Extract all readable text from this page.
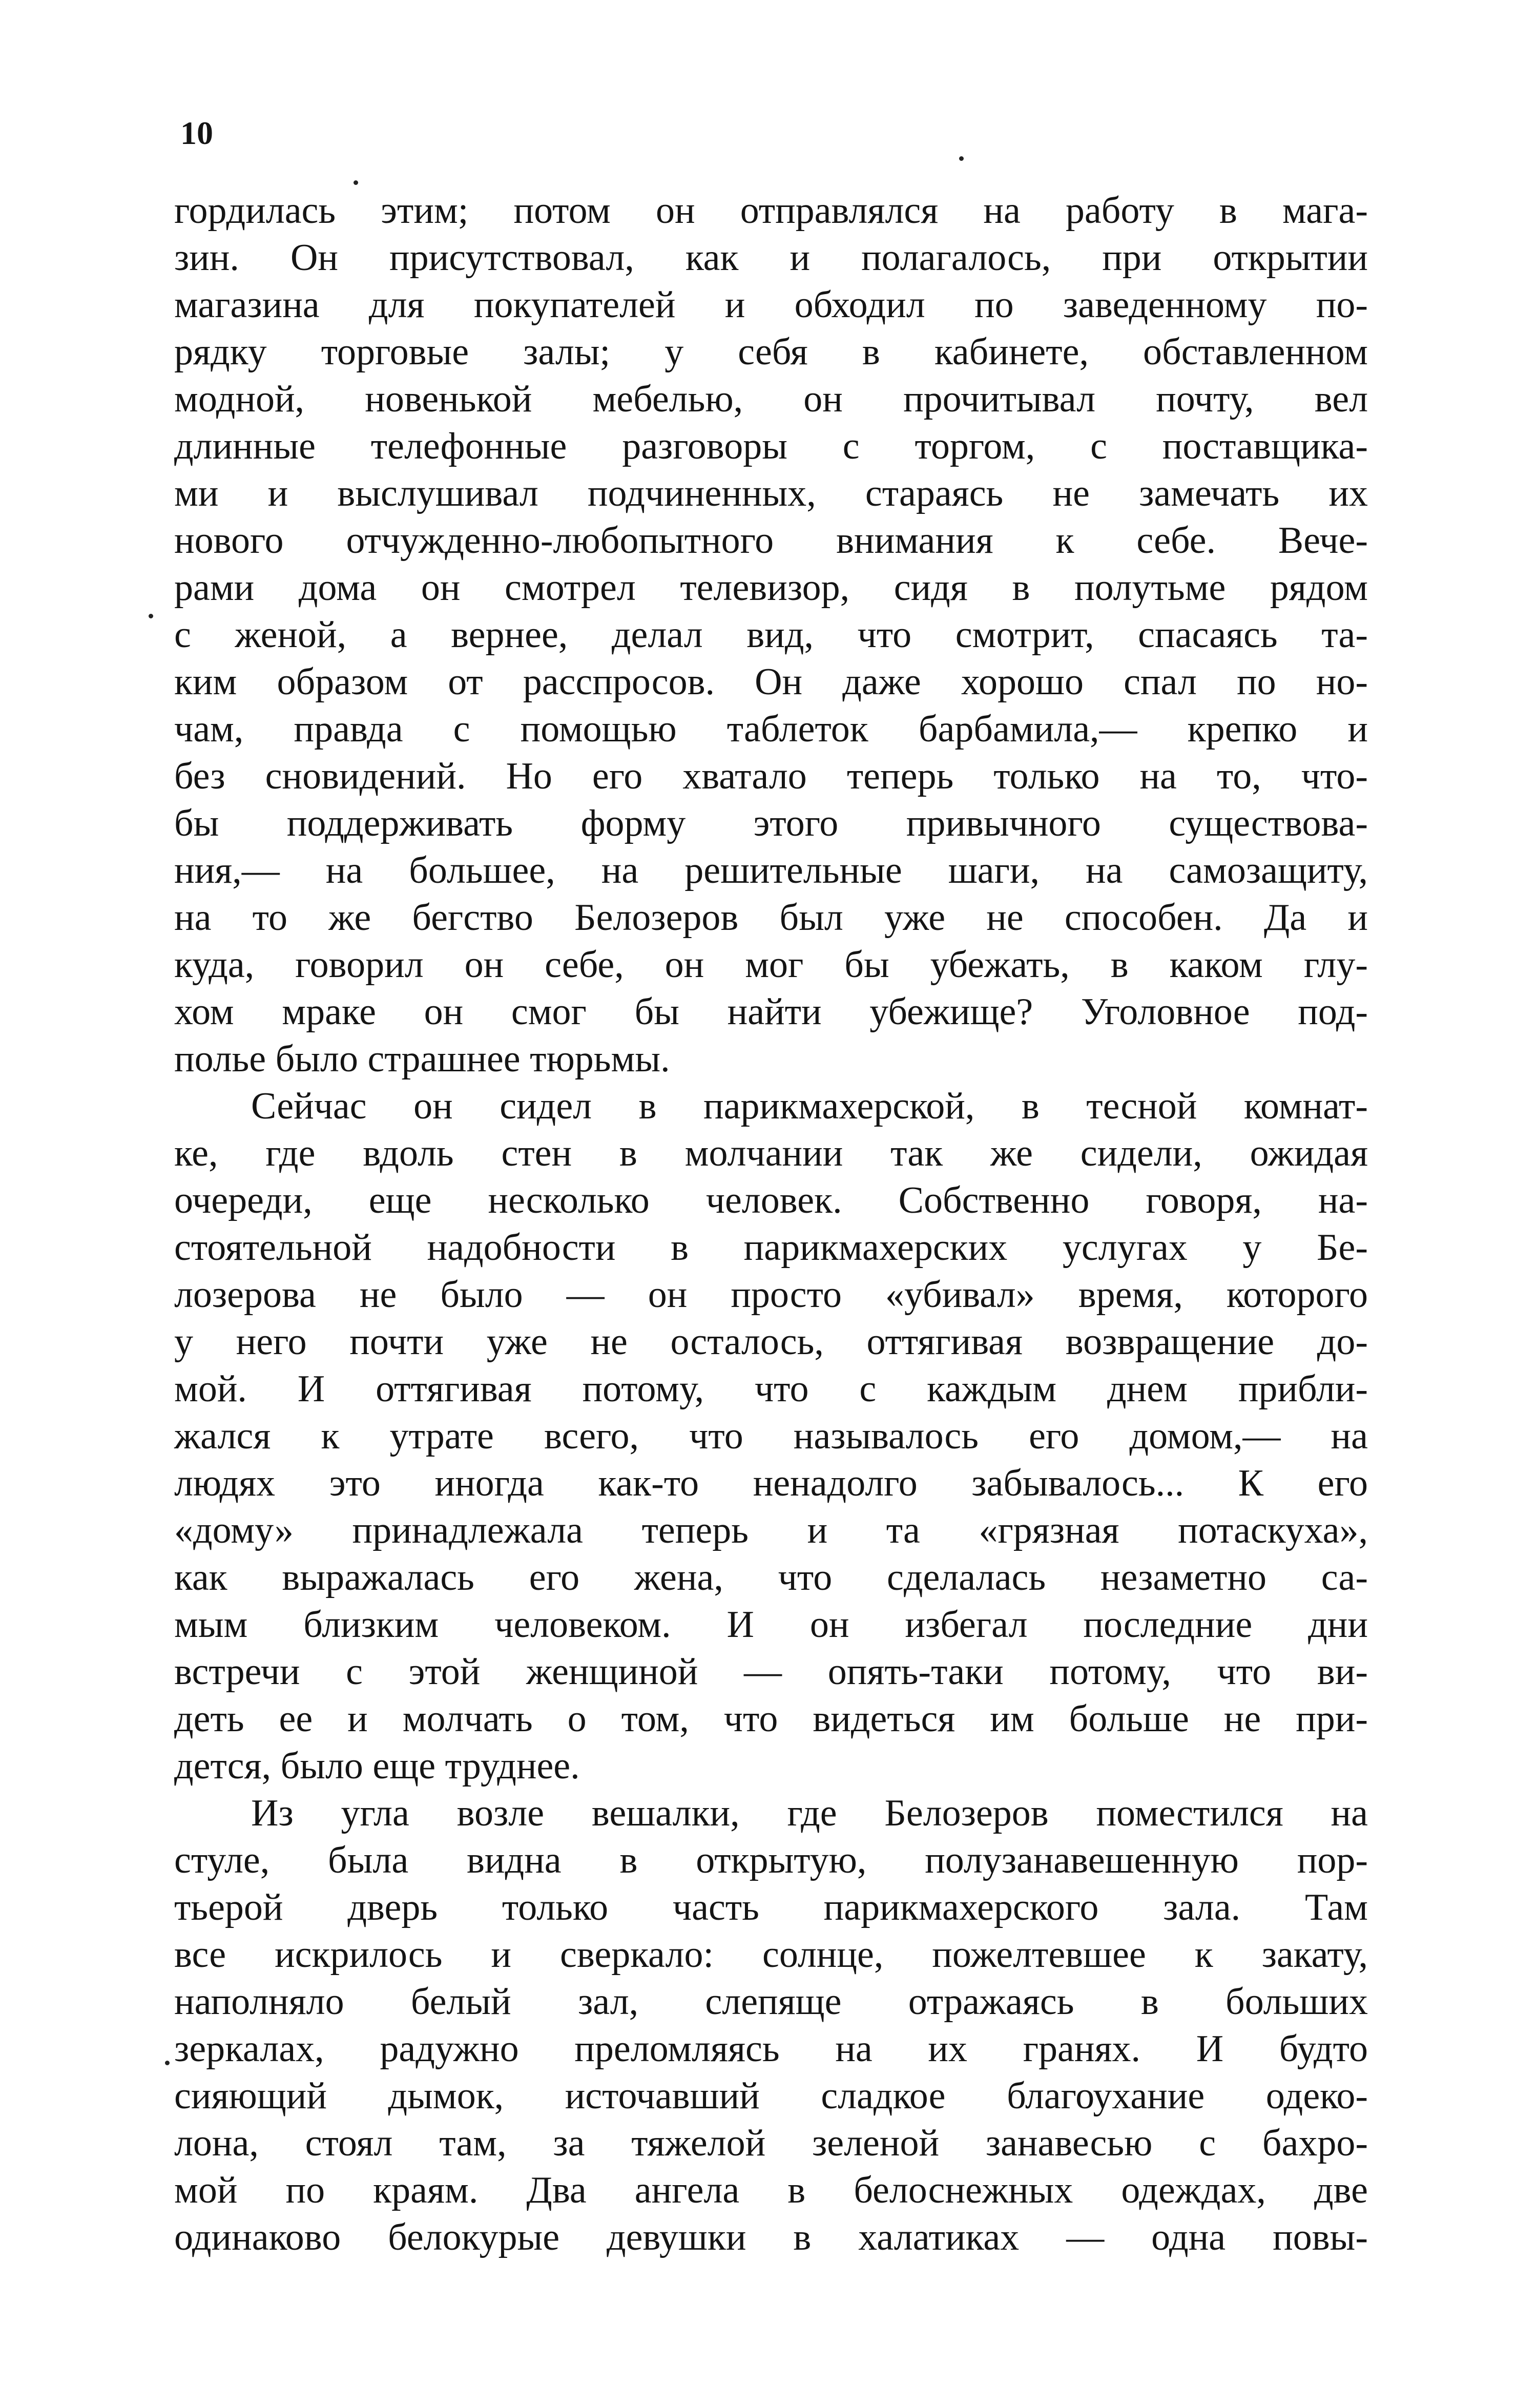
10
гордилась этим; потом он отправлялся на работу в мага-
зин. Он присутствовал, как и полагалось, при открытии
магазина для покупателей и обходил по заведенному по-
рядку торговые залы; у себя в кабинете, обставленном
модной, новенькой мебелью, он прочитывал почту, вел
длинные телефонные разговоры с торгом, с поставщика-
ми и выслушивал подчиненных, стараясь не замечать их
нового отчужденно-любопытного внимания к себе. Вече-
рами дома он смотрел телевизор, сидя в полутьме рядом
с женой, а вернее, делал вид, что смотрит, спасаясь та-
ким образом от расспросов. Он даже хорошо спал по но-
чам, правда с помощью таблеток барбамила,— крепко и
без сновидений. Но его хватало теперь только на то, что-
бы поддерживать форму этого привычного существова-
ния,— на большее, на решительные шаги, на самозащиту,
на то же бегство Белозеров был уже не способен. Да и
куда, говорил он себе, он мог бы убежать, в каком глу-
хом мраке он смог бы найти убежище? Уголовное под-
полье было страшнее тюрьмы.
Сейчас он сидел в парикмахерской, в тесной комнат-
ке, где вдоль стен в молчании так же сидели, ожидая
очереди, еще несколько человек. Собственно говоря, на-
стоятельной надобности в парикмахерских услугах у Бе-
лозерова не было — он просто «убивал» время, которого
у него почти уже не осталось, оттягивая возвращение до-
мой. И оттягивая потому, что с каждым днем прибли-
жался к утрате всего, что называлось его домом,— на
людях это иногда как-то ненадолго забывалось... К его
«дому» принадлежала теперь и та «грязная потаскуха»,
как выражалась его жена, что сделалась незаметно са-
мым близким человеком. И он избегал последние дни
встречи с этой женщиной — опять-таки потому, что ви-
деть ее и молчать о том, что видеться им больше не при-
дется, было еще труднее.
Из угла возле вешалки, где Белозеров поместился на
стуле, была видна в открытую, полузанавешенную пор-
тьерой дверь только часть парикмахерского зала. Там
все искрилось и сверкало: солнце, пожелтевшее к закату,
наполняло белый зал, слепяще отражаясь в больших
зеркалах, радужно преломляясь на их гранях. И будто
сияющий дымок, источавший сладкое благоухание одеко-
лона, стоял там, за тяжелой зеленой занавесью с бахро-
мой по краям. Два ангела в белоснежных одеждах, две
одинаково белокурые девушки в халатиках — одна повы-
